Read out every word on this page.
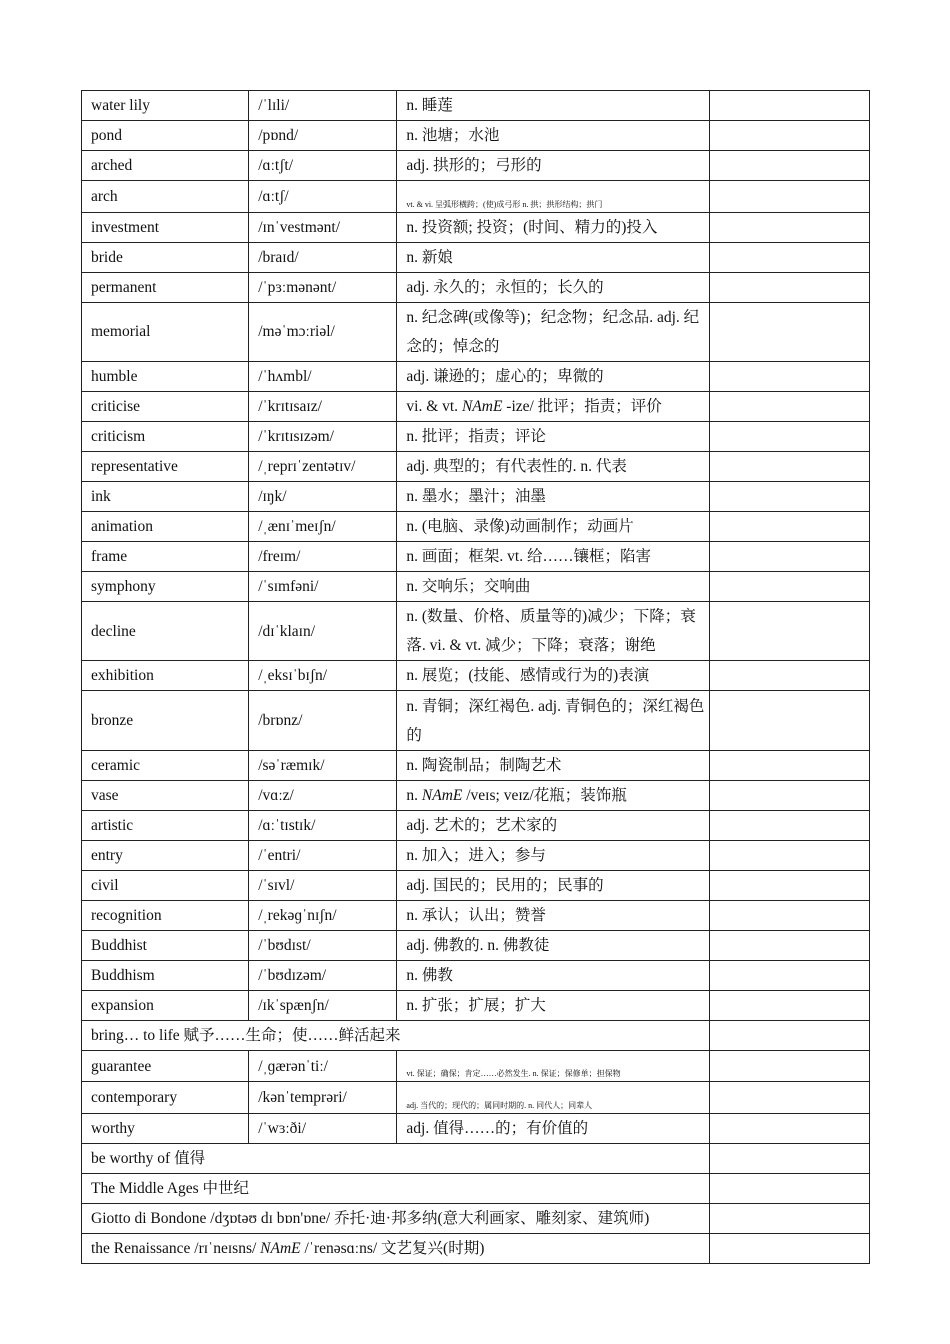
water lily	/ˈlɪli/	n. 睡莲	
pond	/pɒnd/	n. 池塘；水池	
arched	/ɑːtʃt/	adj. 拱形的；弓形的	
arch	/ɑːtʃ/	vt. & vi. 呈弧形橫跨；(使)成弓形 n. 拱；拱形结构；拱门	
investment	/ɪnˈvestmənt/	n. 投资额; 投资；(时间、精力的)投入	
bride	/braɪd/	n. 新娘	
permanent	/ˈpɜːmənənt/	adj. 永久的；永恒的；长久的	
memorial	/məˈmɔːriəl/	n. 纪念碑(或像等)；纪念物；纪念品. adj. 纪念的；悼念的	
humble	/ˈhʌmbl/	adj. 谦逊的；虚心的；卑微的	
criticise	/ˈkrɪtɪsaɪz/	vi. & vt. NAmE -ize/ 批评；指责；评价	
criticism	/ˈkrɪtɪsɪzəm/	n. 批评；指责；评论	
representative	/ˌreprɪˈzentətɪv/	adj. 典型的；有代表性的. n. 代表	
ink	/ɪŋk/	n. 墨水；墨汁；油墨	
animation	/ˌænɪˈmeɪʃn/	n. (电脑、录像)动画制作；动画片	
frame	/freɪm/	n. 画面；框架. vt. 给……镶框；陷害	
symphony	/ˈsɪmfəni/	n. 交响乐；交响曲	
decline	/dɪˈklaɪn/	n. (数量、价格、质量等的)减少；下降；衰落. vi. & vt. 减少；下降；衰落；谢绝	
exhibition	/ˌeksɪˈbɪʃn/	n. 展览；(技能、感情或行为的)表演	
bronze	/brɒnz/	n. 青铜；深红褐色. adj. 青铜色的；深红褐色的	
ceramic	/səˈræmɪk/	n. 陶瓷制品；制陶艺术	
vase	/vɑːz/	n. NAmE /veɪs; veɪz/花瓶；装饰瓶	
artistic	/ɑːˈtɪstɪk/	adj. 艺术的；艺术家的	
entry	/ˈentri/	n. 加入；进入；参与	
civil	/ˈsɪvl/	adj. 国民的；民用的；民事的	
recognition	/ˌrekəɡˈnɪʃn/	n. 承认；认出；赞誉	
Buddhist	/ˈbʊdɪst/	adj. 佛教的. n. 佛教徒	
Buddhism	/ˈbʊdɪzəm/	n. 佛教	
expansion	/ɪkˈspænʃn/	n. 扩张；扩展；扩大	
bring… to life 赋予……生命；使……鲜活起来			
guarantee	/ˌɡærənˈtiː/	vt. 保证；确保；肯定……必然发生. n. 保证；保修单；担保物	
contemporary	/kənˈtemprəri/	adj. 当代的；现代的；属同时期的. n. 同代人；同辈人	
worthy	/ˈwɜːði/	adj. 值得……的；有价值的	
be worthy of 值得			
The Middle Ages 中世纪			
Giotto di Bondone /dʒɒtəʊ dɪ bɒn'ɒne/ 乔托·迪·邦多纳(意大利画家、雕刻家、建筑师)			
the Renaissance /rɪˈneɪsns/ NAmE /ˈrenəsɑːns/ 文艺复兴(时期)			
